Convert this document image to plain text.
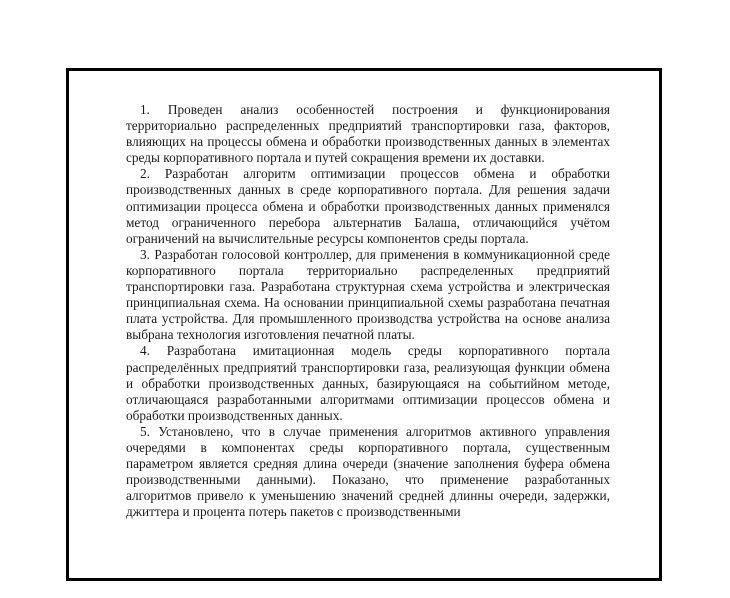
1. Проведен анализ особенностей построения и функционирования территориально распределенных предприятий транспортировки газа, факторов, влияющих на процессы обмена и обработки производственных данных в элементах среды корпоративного портала и путей сокращения времени их доставки.

2. Разработан алгоритм оптимизации процессов обмена и обработки производственных данных в среде корпоративного портала. Для решения задачи оптимизации процесса обмена и обработки производственных данных применялся метод ограниченного перебора альтернатив Балаша, отличающийся учётом ограничений на вычислительные ресурсы компонентов среды портала.

3. Разработан голосовой контроллер, для применения в коммуникационной среде корпоративного портала территориально распределенных предприятий транспортировки газа. Разработана структурная схема устройства и электрическая принципиальная схема. На основании принципиальной схемы разработана печатная плата устройства. Для промышленного производства устройства на основе анализа выбрана технология изготовления печатной платы.

4. Разработана имитационная модель среды корпоративного портала распределённых предприятий транспортировки газа, реализующая функции обмена и обработки производственных данных, базирующаяся на событийном методе, отличающаяся разработанными алгоритмами оптимизации процессов обмена и обработки производственных данных.

5. Установлено, что в случае применения алгоритмов активного управления очередями в компонентах среды корпоративного портала, существенным параметром является средняя длина очереди (значение заполнения буфера обмена производственными данными). Показано, что применение разработанных алгоритмов привело к уменьшению значений средней длинны очереди, задержки, джиттера и процента потерь пакетов с производственными
